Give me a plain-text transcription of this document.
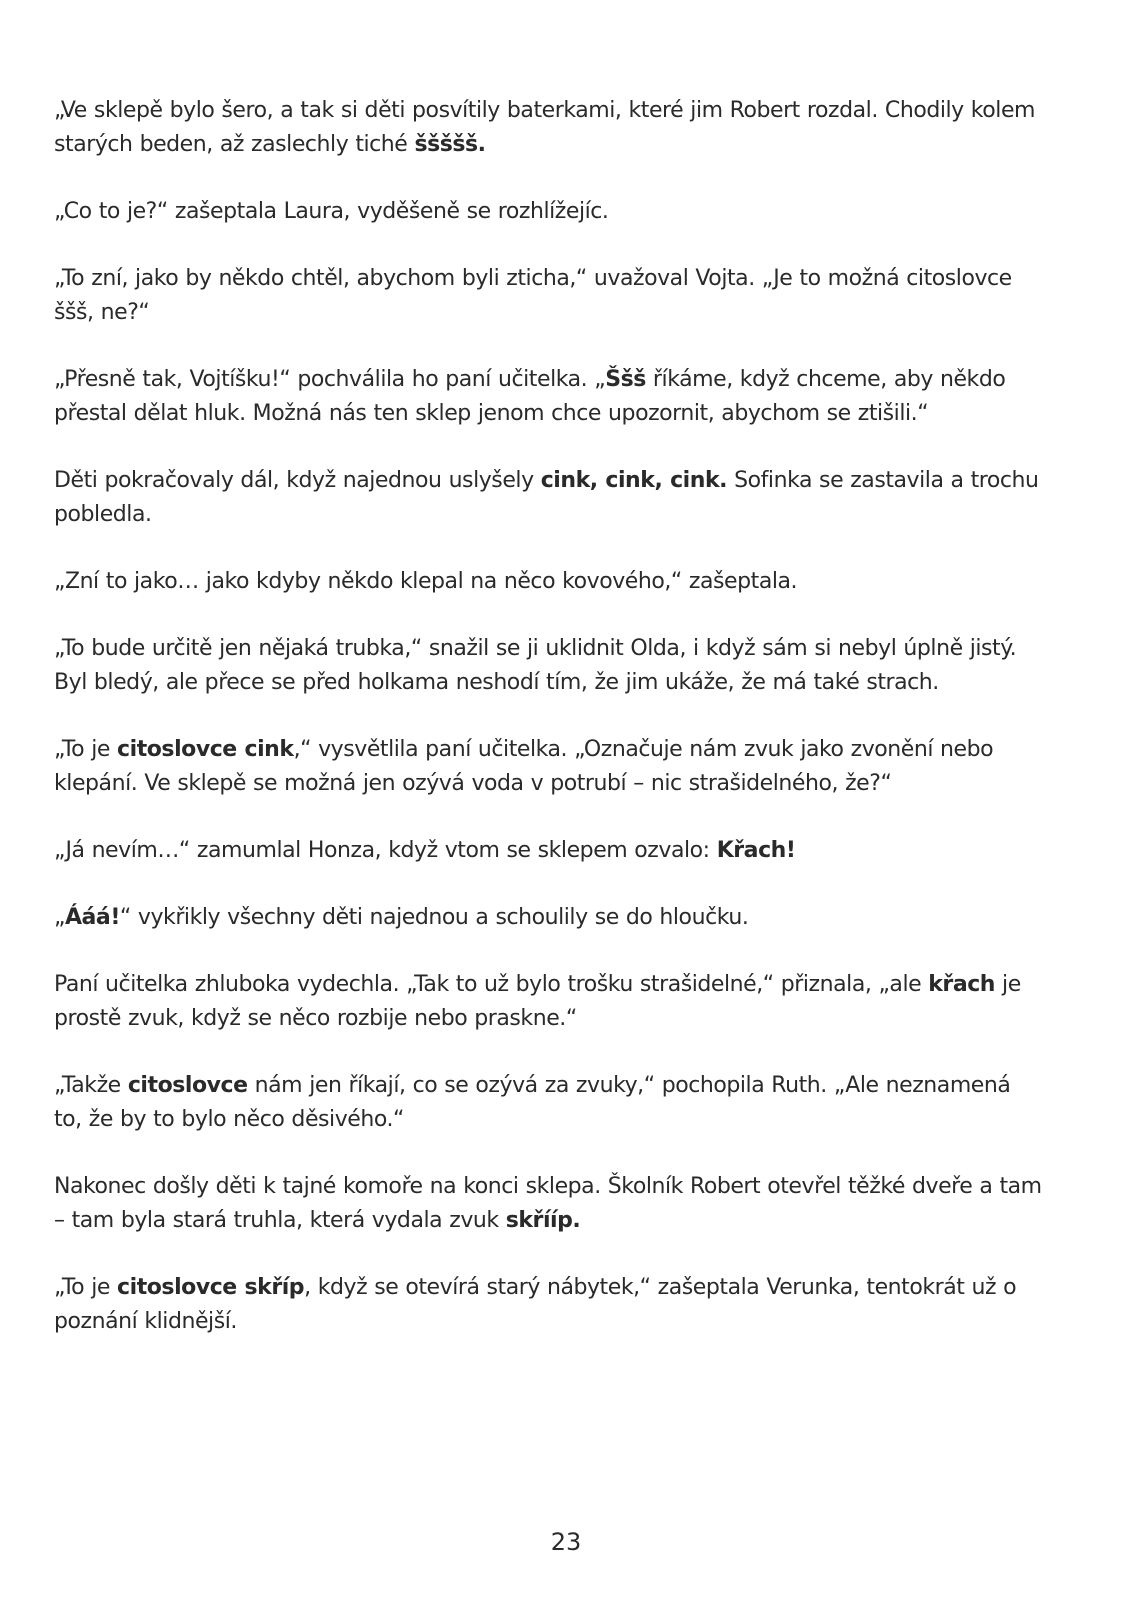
„Ve sklepě bylo šero, a tak si děti posvítily baterkami, které jim Robert rozdal. Chodily kolem starých beden, až zaslechly tiché ššššš.

„Co to je?“ zašeptala Laura, vyděšeně se rozhlížejíc.

„To zní, jako by někdo chtěl, abychom byli zticha,“ uvažoval Vojta. „Je to možná citoslovce ššš, ne?“

„Přesně tak, Vojtíšku!“ pochválila ho paní učitelka. „Ššš říkáme, když chceme, aby někdo přestal dělat hluk. Možná nás ten sklep jenom chce upozornit, abychom se ztišili.“

Děti pokračovaly dál, když najednou uslyšely cink, cink, cink. Sofinka se zastavila a trochu pobledla.

„Zní to jako… jako kdyby někdo klepal na něco kovového,“ zašeptala.

„To bude určitě jen nějaká trubka,“ snažil se ji uklidnit Olda, i když sám si nebyl úplně jistý. Byl bledý, ale přece se před holkama neshodí tím, že jim ukáže, že má také strach.

„To je citoslovce cink,“ vysvětlila paní učitelka. „Označuje nám zvuk jako zvonění nebo klepání. Ve sklepě se možná jen ozývá voda v potrubí – nic strašidelného, že?“

„Já nevím…“ zamumlal Honza, když vtom se sklepem ozvalo: Křach!

„Ááá!“ vykřikly všechny děti najednou a schoulily se do hloučku.

Paní učitelka zhluboka vydechla. „Tak to už bylo trošku strašidelné,“ přiznala, „ale křach je prostě zvuk, když se něco rozbije nebo praskne.“

„Takže citoslovce nám jen říkají, co se ozývá za zvuky,“ pochopila Ruth. „Ale neznamená to, že by to bylo něco děsivého.“

Nakonec došly děti k tajné komoře na konci sklepa. Školník Robert otevřel těžké dveře a tam – tam byla stará truhla, která vydala zvuk skřííp.

„To je citoslovce skříp, když se otevírá starý nábytek,“ zašeptala Verunka, tentokrát už o poznání klidnější.

23
